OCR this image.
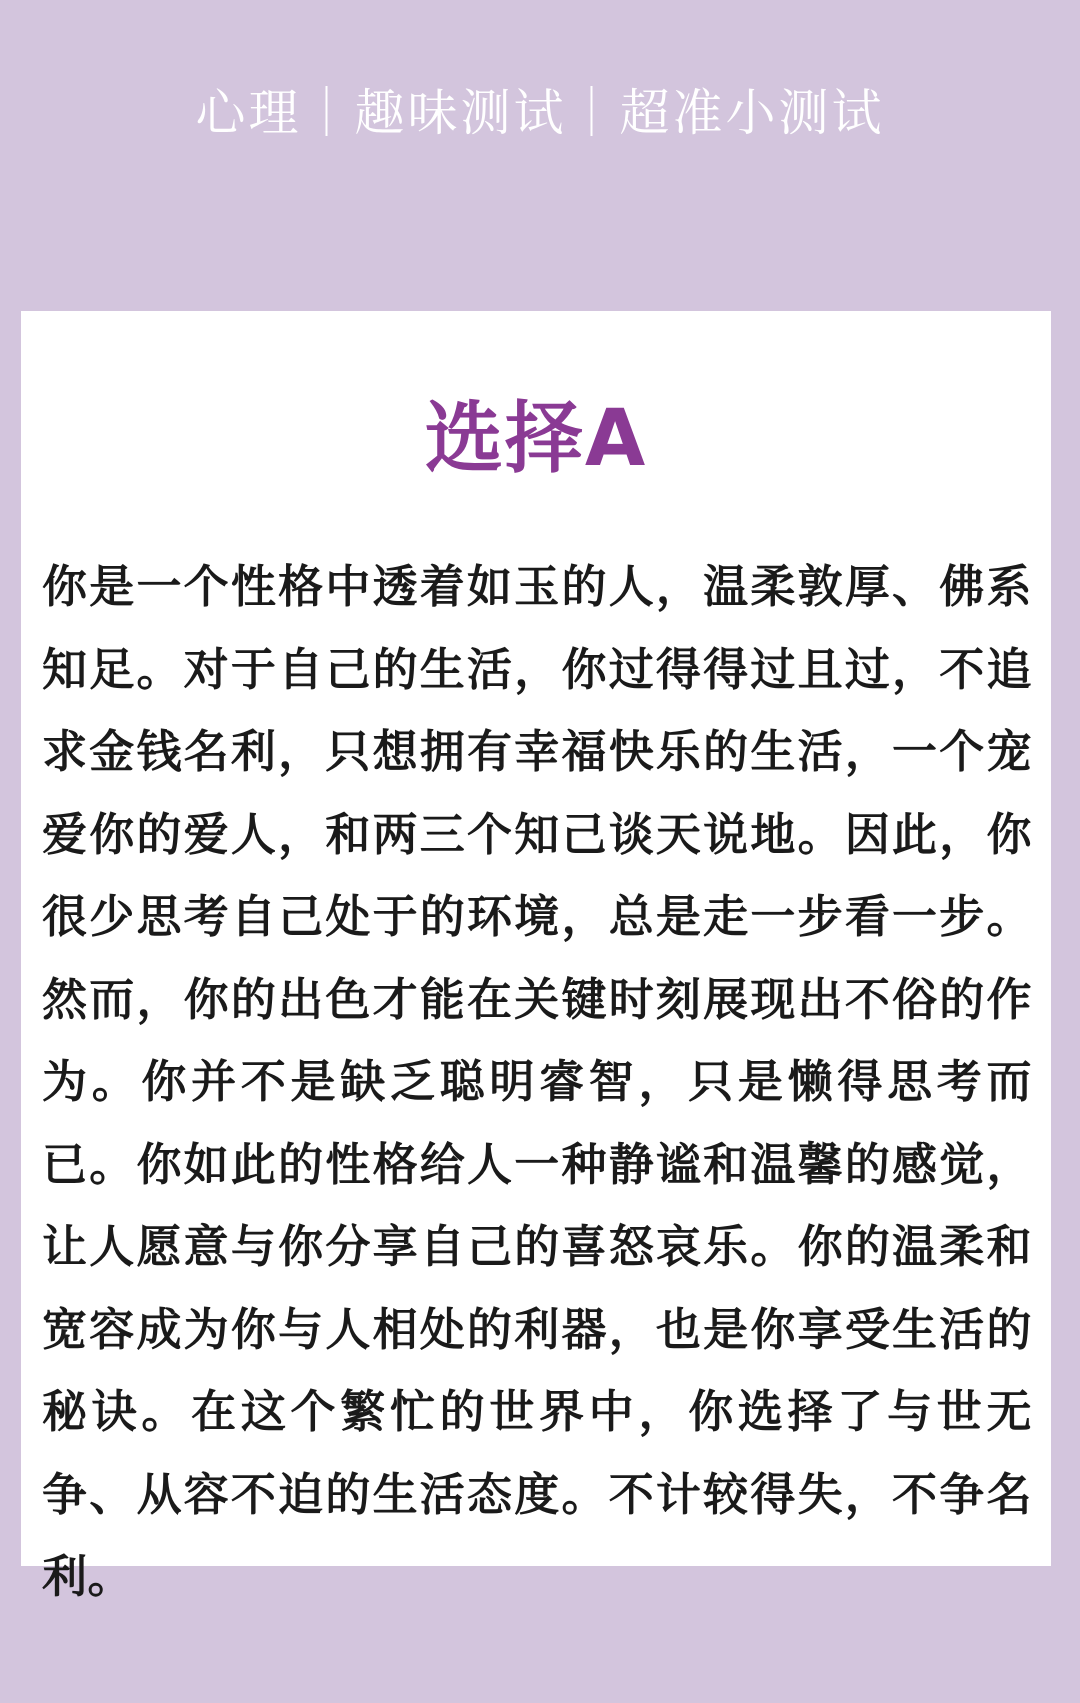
心理｜趣味测试｜超准小测试
选择A
你是一个性格中透着如玉的人，温柔敦厚、佛系知足。对于自己的生活，你过得得过且过，不追求金钱名利，只想拥有幸福快乐的生活，一个宠爱你的爱人，和两三个知己谈天说地。因此，你很少思考自己处于的环境，总是走一步看一步。然而，你的出色才能在关键时刻展现出不俗的作为。你并不是缺乏聪明睿智，只是懒得思考而已。你如此的性格给人一种静谧和温馨的感觉，让人愿意与你分享自己的喜怒哀乐。你的温柔和宽容成为你与人相处的利器，也是你享受生活的秘诀。在这个繁忙的世界中，你选择了与世无争、从容不迫的生活态度。不计较得失，不争名利。
